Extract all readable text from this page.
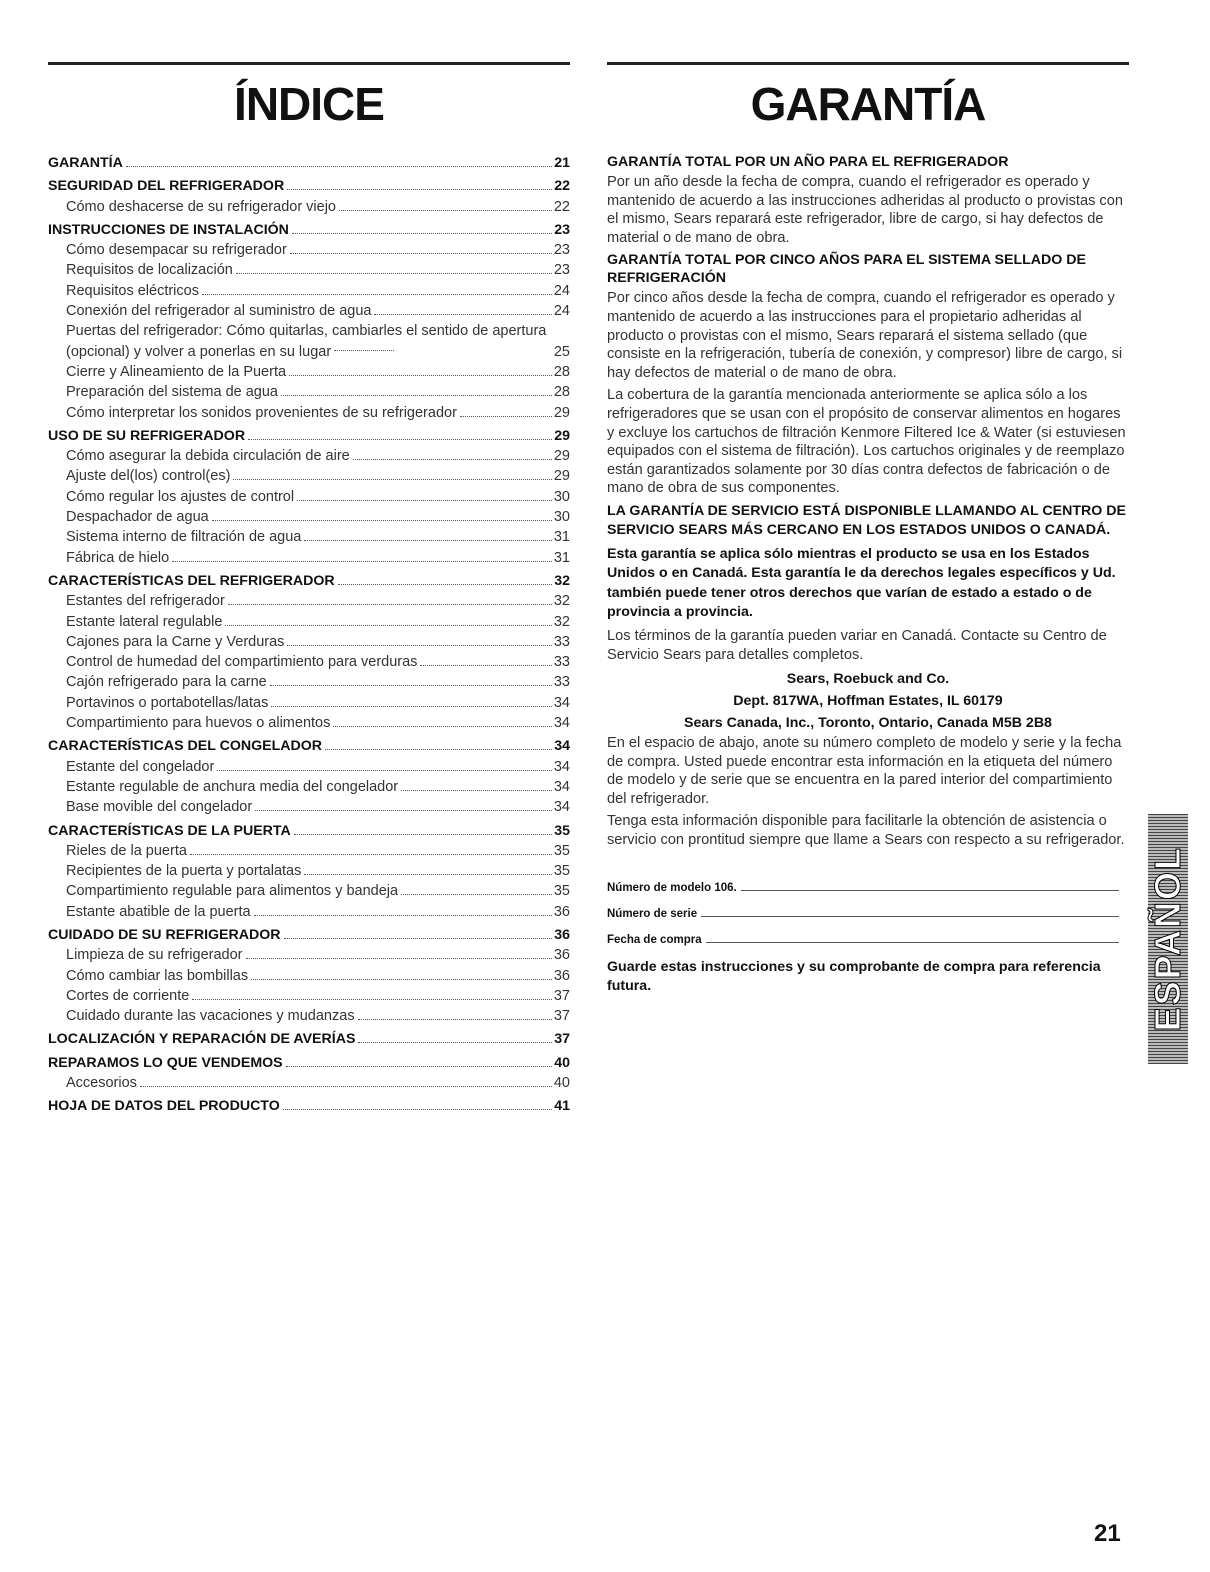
ÍNDICE
GARANTÍA	21
SEGURIDAD DEL REFRIGERADOR	22
Cómo deshacerse de su refrigerador viejo	22
INSTRUCCIONES DE INSTALACIÓN	23
Cómo desempacar su refrigerador	23
Requisitos de localización	23
Requisitos eléctricos	24
Conexión del refrigerador al suministro de agua	24
Puertas del refrigerador: Cómo quitarlas, cambiarles el sentido de apertura (opcional) y volver a ponerlas en su lugar	25
Cierre y Alineamiento de la Puerta	28
Preparación del sistema de agua	28
Cómo interpretar los sonidos provenientes de su refrigerador	29
USO DE SU REFRIGERADOR	29
Cómo asegurar la debida circulación de aire	29
Ajuste del(los) control(es)	29
Cómo regular los ajustes de control	30
Despachador de agua	30
Sistema interno de filtración de agua	31
Fábrica de hielo	31
CARACTERÍSTICAS DEL REFRIGERADOR	32
Estantes del refrigerador	32
Estante lateral regulable	32
Cajones para la Carne y Verduras	33
Control de humedad del compartimiento para verduras	33
Cajón refrigerado para la carne	33
Portavinos o portabotellas/latas	34
Compartimiento para huevos o alimentos	34
CARACTERÍSTICAS DEL CONGELADOR	34
Estante del congelador	34
Estante regulable de anchura media del congelador	34
Base movible del congelador	34
CARACTERÍSTICAS DE LA PUERTA	35
Rieles de la puerta	35
Recipientes de la puerta y portalatas	35
Compartimiento regulable para alimentos y bandeja	35
Estante abatible de la puerta	36
CUIDADO DE SU REFRIGERADOR	36
Limpieza de su refrigerador	36
Cómo cambiar las bombillas	36
Cortes de corriente	37
Cuidado durante las vacaciones y mudanzas	37
LOCALIZACIÓN Y REPARACIÓN DE AVERÍAS	37
REPARAMOS LO QUE VENDEMOS	40
Accesorios	40
HOJA DE DATOS DEL PRODUCTO	41
GARANTÍA
GARANTÍA TOTAL POR UN AÑO PARA EL REFRIGERADOR

Por un año desde la fecha de compra, cuando el refrigerador es operado y mantenido de acuerdo a las instrucciones adheridas al producto o provistas con el mismo, Sears reparará este refrigerador, libre de cargo, si hay defectos de material o de mano de obra.

GARANTÍA TOTAL POR CINCO AÑOS PARA EL SISTEMA SELLADO DE REFRIGERACIÓN

Por cinco años desde la fecha de compra, cuando el refrigerador es operado y mantenido de acuerdo a las instrucciones para el propietario adheridas al producto o provistas con el mismo, Sears reparará el sistema sellado (que consiste en la refrigeración, tubería de conexión, y compresor) libre de cargo, si hay defectos de material o de mano de obra.

La cobertura de la garantía mencionada anteriormente se aplica sólo a los refrigeradores que se usan con el propósito de conservar alimentos en hogares y excluye los cartuchos de filtración Kenmore Filtered Ice & Water (si estuviesen equipados con el sistema de filtración). Los cartuchos originales y de reemplazo están garantizados solamente por 30 días contra defectos de fabricación o de mano de obra de sus componentes.

LA GARANTÍA DE SERVICIO ESTÁ DISPONIBLE LLAMANDO AL CENTRO DE SERVICIO SEARS MÁS CERCANO EN LOS ESTADOS UNIDOS O CANADÁ.
Esta garantía se aplica sólo mientras el producto se usa en los Estados Unidos o en Canadá. Esta garantía le da derechos legales específicos y Ud. también puede tener otros derechos que varían de estado a estado o de provincia a provincia.

Los términos de la garantía pueden variar en Canadá. Contacte su Centro de Servicio Sears para detalles completos.

Sears, Roebuck and Co.
Dept. 817WA, Hoffman Estates, IL 60179
Sears Canada, Inc., Toronto, Ontario, Canada M5B 2B8

En el espacio de abajo, anote su número completo de modelo y serie y la fecha de compra. Usted puede encontrar esta información en la etiqueta del número de modelo y de serie que se encuentra en la pared interior del compartimiento del refrigerador.

Tenga esta información disponible para facilitarle la obtención de asistencia o servicio con prontitud siempre que llame a Sears con respecto a su refrigerador.

Número de modelo 106.
Número de serie
Fecha de compra
Guarde estas instrucciones y su comprobante de compra para referencia futura.	ESPAÑOL
21
